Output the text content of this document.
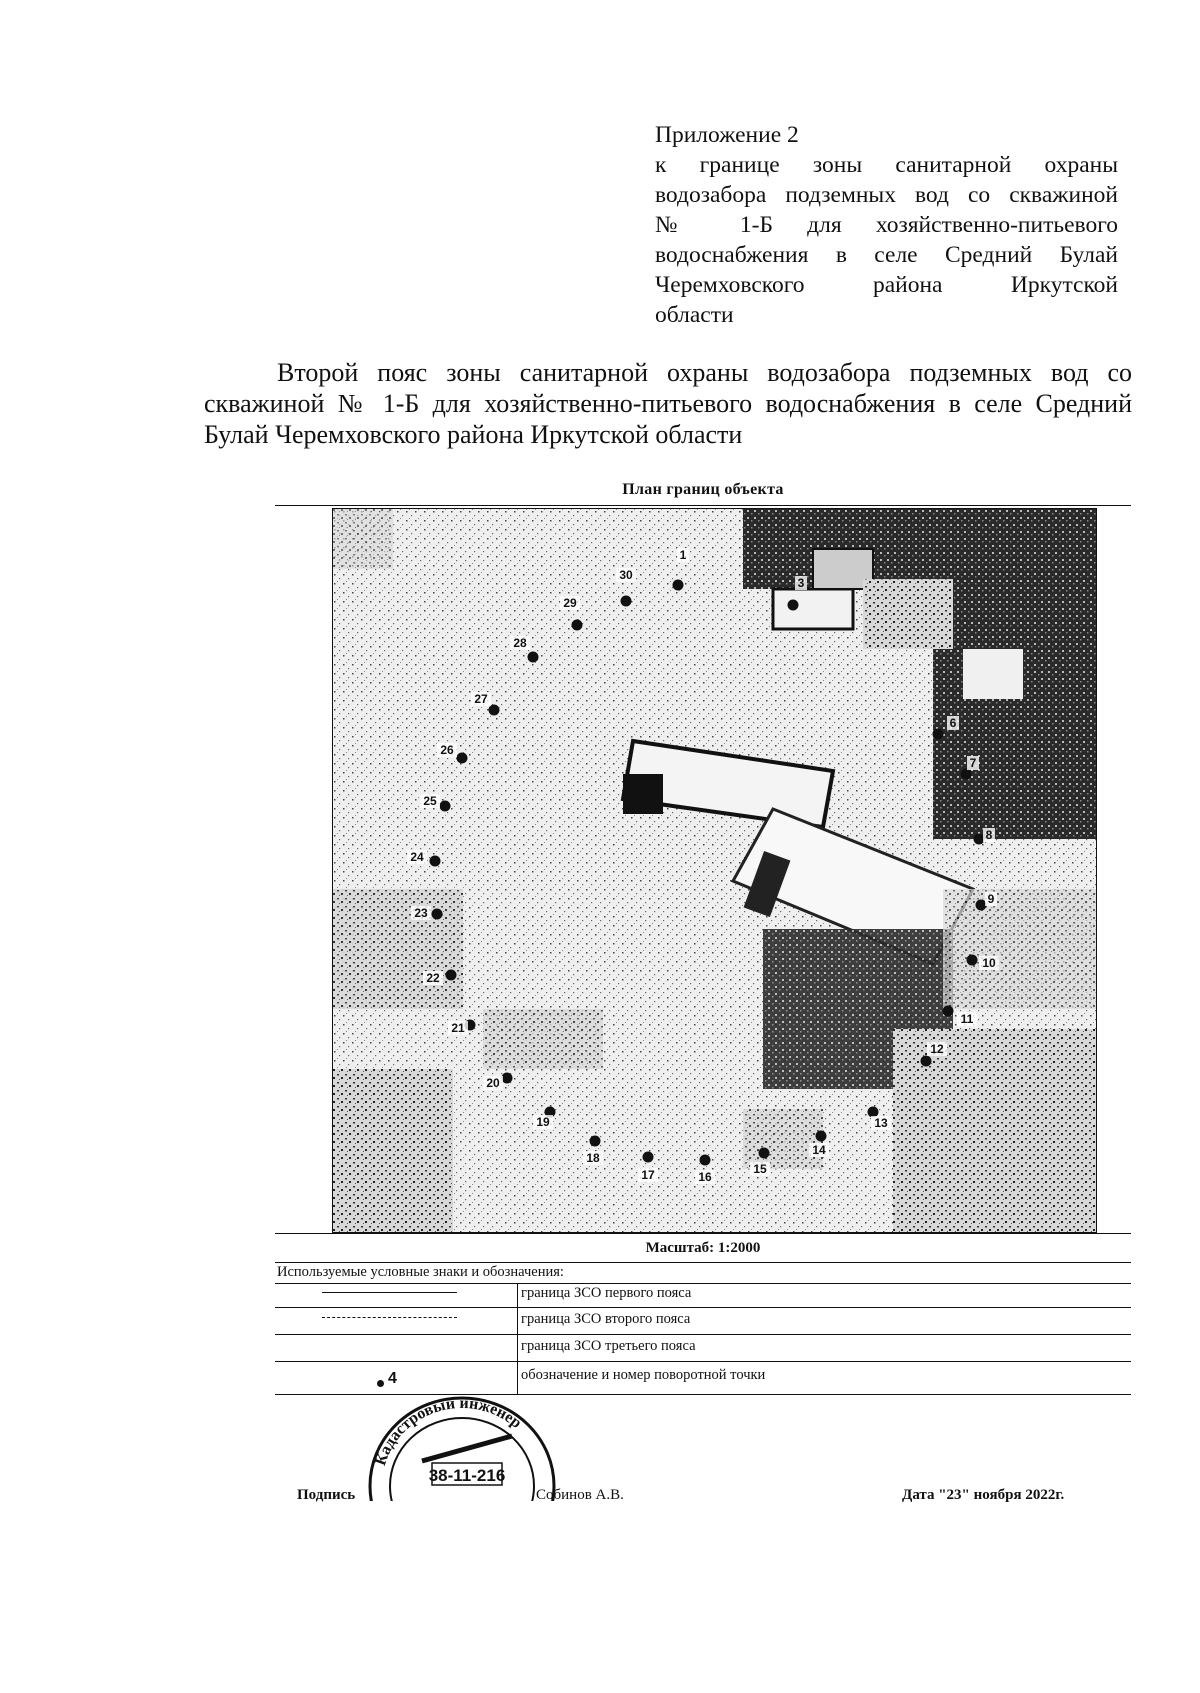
Приложение 2
к границе зоны санитарной охраны
водозабора подземных вод со скважиной
№ 1-Б для хозяйственно-питьевого
водоснабжения в селе Средний Булай
Черемховского района Иркутской
области
Второй пояс зоны санитарной охраны водозабора подземных вод со скважиной № 1-Б для хозяйственно-питьевого водоснабжения в селе Средний Булай Черемховского района Иркутской области
План границ объекта
1
3
6
7
8
9
10
11
12
13
14
15
16
17
18
19
20
21
22
23
24
25
26
27
28
29
30
Масштаб: 1:2000
Используемые условные знаки и обозначения:
граница ЗСО первого пояса
граница ЗСО второго пояса
граница ЗСО третьего пояса
4	обозначение и номер поворотной точки
Кадастровый инженер
38-11-216
Подпись	Собинов А.В.	Дата "23" ноября 2022г.
